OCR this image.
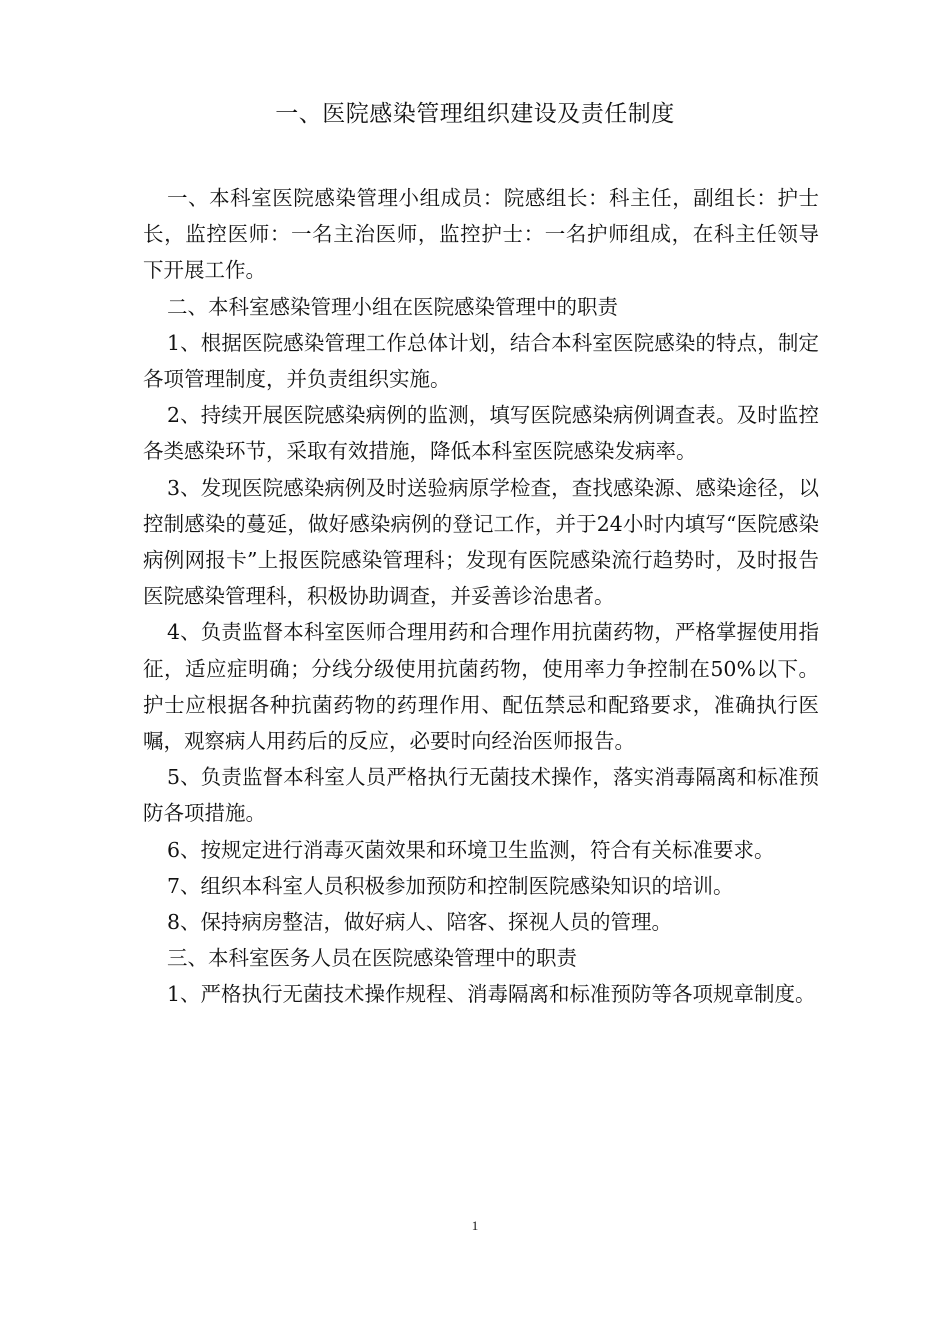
一、医院感染管理组织建设及责任制度

一、本科室医院感染管理小组成员：院感组长：科主任，副组长：护士长，监控医师：一名主治医师，监控护士：一名护师组成，在科主任领导下开展工作。

二、本科室感染管理小组在医院感染管理中的职责

1、根据医院感染管理工作总体计划，结合本科室医院感染的特点，制定各项管理制度，并负责组织实施。

2、持续开展医院感染病例的监测，填写医院感染病例调查表。及时监控各类感染环节，采取有效措施，降低本科室医院感染发病率。

3、发现医院感染病例及时送验病原学检查，查找感染源、感染途径，以控制感染的蔓延，做好感染病例的登记工作，并于24小时内填写“医院感染病例网报卡”上报医院感染管理科；发现有医院感染流行趋势时，及时报告医院感染管理科，积极协助调查，并妥善诊治患者。

4、负责监督本科室医师合理用药和合理作用抗菌药物，严格掌握使用指征，适应症明确；分线分级使用抗菌药物，使用率力争控制在50%以下。护士应根据各种抗菌药物的药理作用、配伍禁忌和配臵要求，准确执行医嘱，观察病人用药后的反应，必要时向经治医师报告。

5、负责监督本科室人员严格执行无菌技术操作，落实消毒隔离和标准预防各项措施。

6、按规定进行消毒灭菌效果和环境卫生监测，符合有关标准要求。

7、组织本科室人员积极参加预防和控制医院感染知识的培训。

8、保持病房整洁，做好病人、陪客、探视人员的管理。

三、本科室医务人员在医院感染管理中的职责

1、严格执行无菌技术操作规程、消毒隔离和标准预防等各项规章制度。

1
